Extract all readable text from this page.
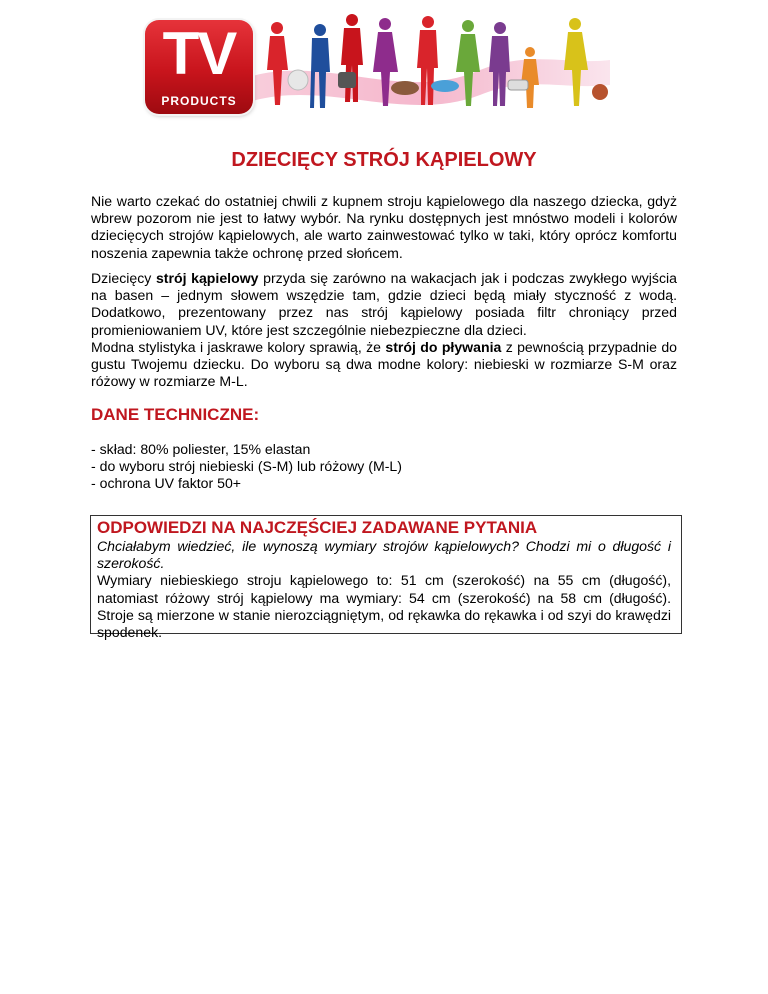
TV
PRODUCTS
DZIECIĘCY STRÓJ KĄPIELOWY

Nie warto czekać do ostatniej chwili z kupnem stroju kąpielowego dla naszego dziecka, gdyż wbrew pozorom nie jest to łatwy wybór. Na rynku dostępnych jest mnóstwo modeli i kolorów dziecięcych strojów kąpielowych, ale warto zainwestować tylko w taki, który oprócz komfortu noszenia zapewnia także ochronę przed słońcem.

Dziecięcy strój kąpielowy przyda się zarówno na wakacjach jak i podczas zwykłego wyjścia na basen – jednym słowem wszędzie tam, gdzie dzieci będą miały styczność z wodą. Dodatkowo, prezentowany przez nas strój kąpielowy posiada filtr chroniący przed promieniowaniem UV, które jest szczególnie niebezpieczne dla dzieci.
Modna stylistyka i jaskrawe kolory sprawią, że strój do pływania z pewnością przypadnie do gustu Twojemu dziecku. Do wyboru są dwa modne kolory: niebieski w rozmiarze S-M oraz różowy w rozmiarze M-L.
DANE TECHNICZNE:
- skład: 80% poliester, 15% elastan
- do wyboru strój niebieski (S-M) lub różowy (M-L)
- ochrona UV faktor 50+
ODPOWIEDZI NA NAJCZĘŚCIEJ ZADAWANE PYTANIA

Chciałabym wiedzieć, ile wynoszą wymiary strojów kąpielowych? Chodzi mi o długość i szerokość.

Wymiary niebieskiego stroju kąpielowego to: 51 cm (szerokość) na 55 cm (długość), natomiast różowy strój kąpielowy ma wymiary: 54 cm (szerokość) na 58 cm (długość). Stroje są mierzone w stanie nierozciągniętym, od rękawka do rękawka i od szyi do krawędzi spodenek.
